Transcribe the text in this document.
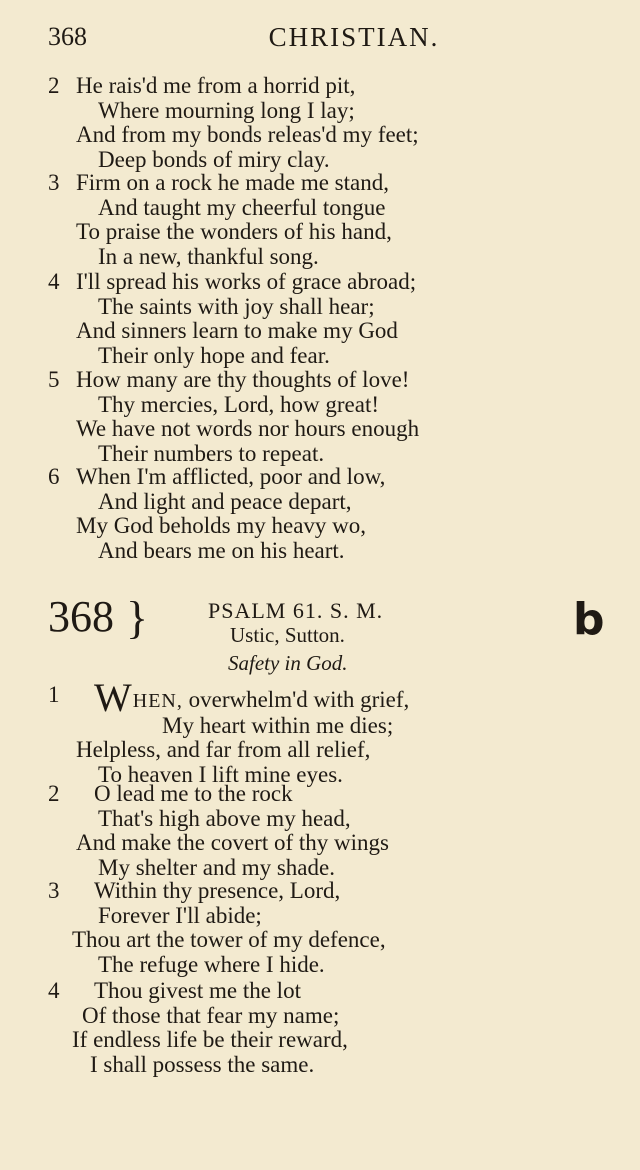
368	CHRISTIAN.
2 He rais'd me from a horrid pit,
Where mourning long I lay;
And from my bonds releas'd my feet;
Deep bonds of miry clay.
3 Firm on a rock he made me stand,
And taught my cheerful tongue
To praise the wonders of his hand,
In a new, thankful song.
4 I'll spread his works of grace abroad;
The saints with joy shall hear;
And sinners learn to make my God
Their only hope and fear.
5 How many are thy thoughts of love!
Thy mercies, Lord, how great!
We have not words nor hours enough
Their numbers to repeat.
6 When I'm afflicted, poor and low,
And light and peace depart,
My God beholds my heavy wo,
And bears me on his heart.
368 }	PSALM 61. S. M.
Ustic, Sutton.
Safety in God.
b
1 WHEN, overwhelm'd with grief,
My heart within me dies;
Helpless, and far from all relief,
To heaven I lift mine eyes.
2	O lead me to the rock
That's high above my head,
And make the covert of thy wings
My shelter and my shade.
3	Within thy presence, Lord,
Forever I'll abide;
Thou art the tower of my defence,
The refuge where I hide.
4	Thou givest me the lot
Of those that fear my name;
If endless life be their reward,
I shall possess the same.
